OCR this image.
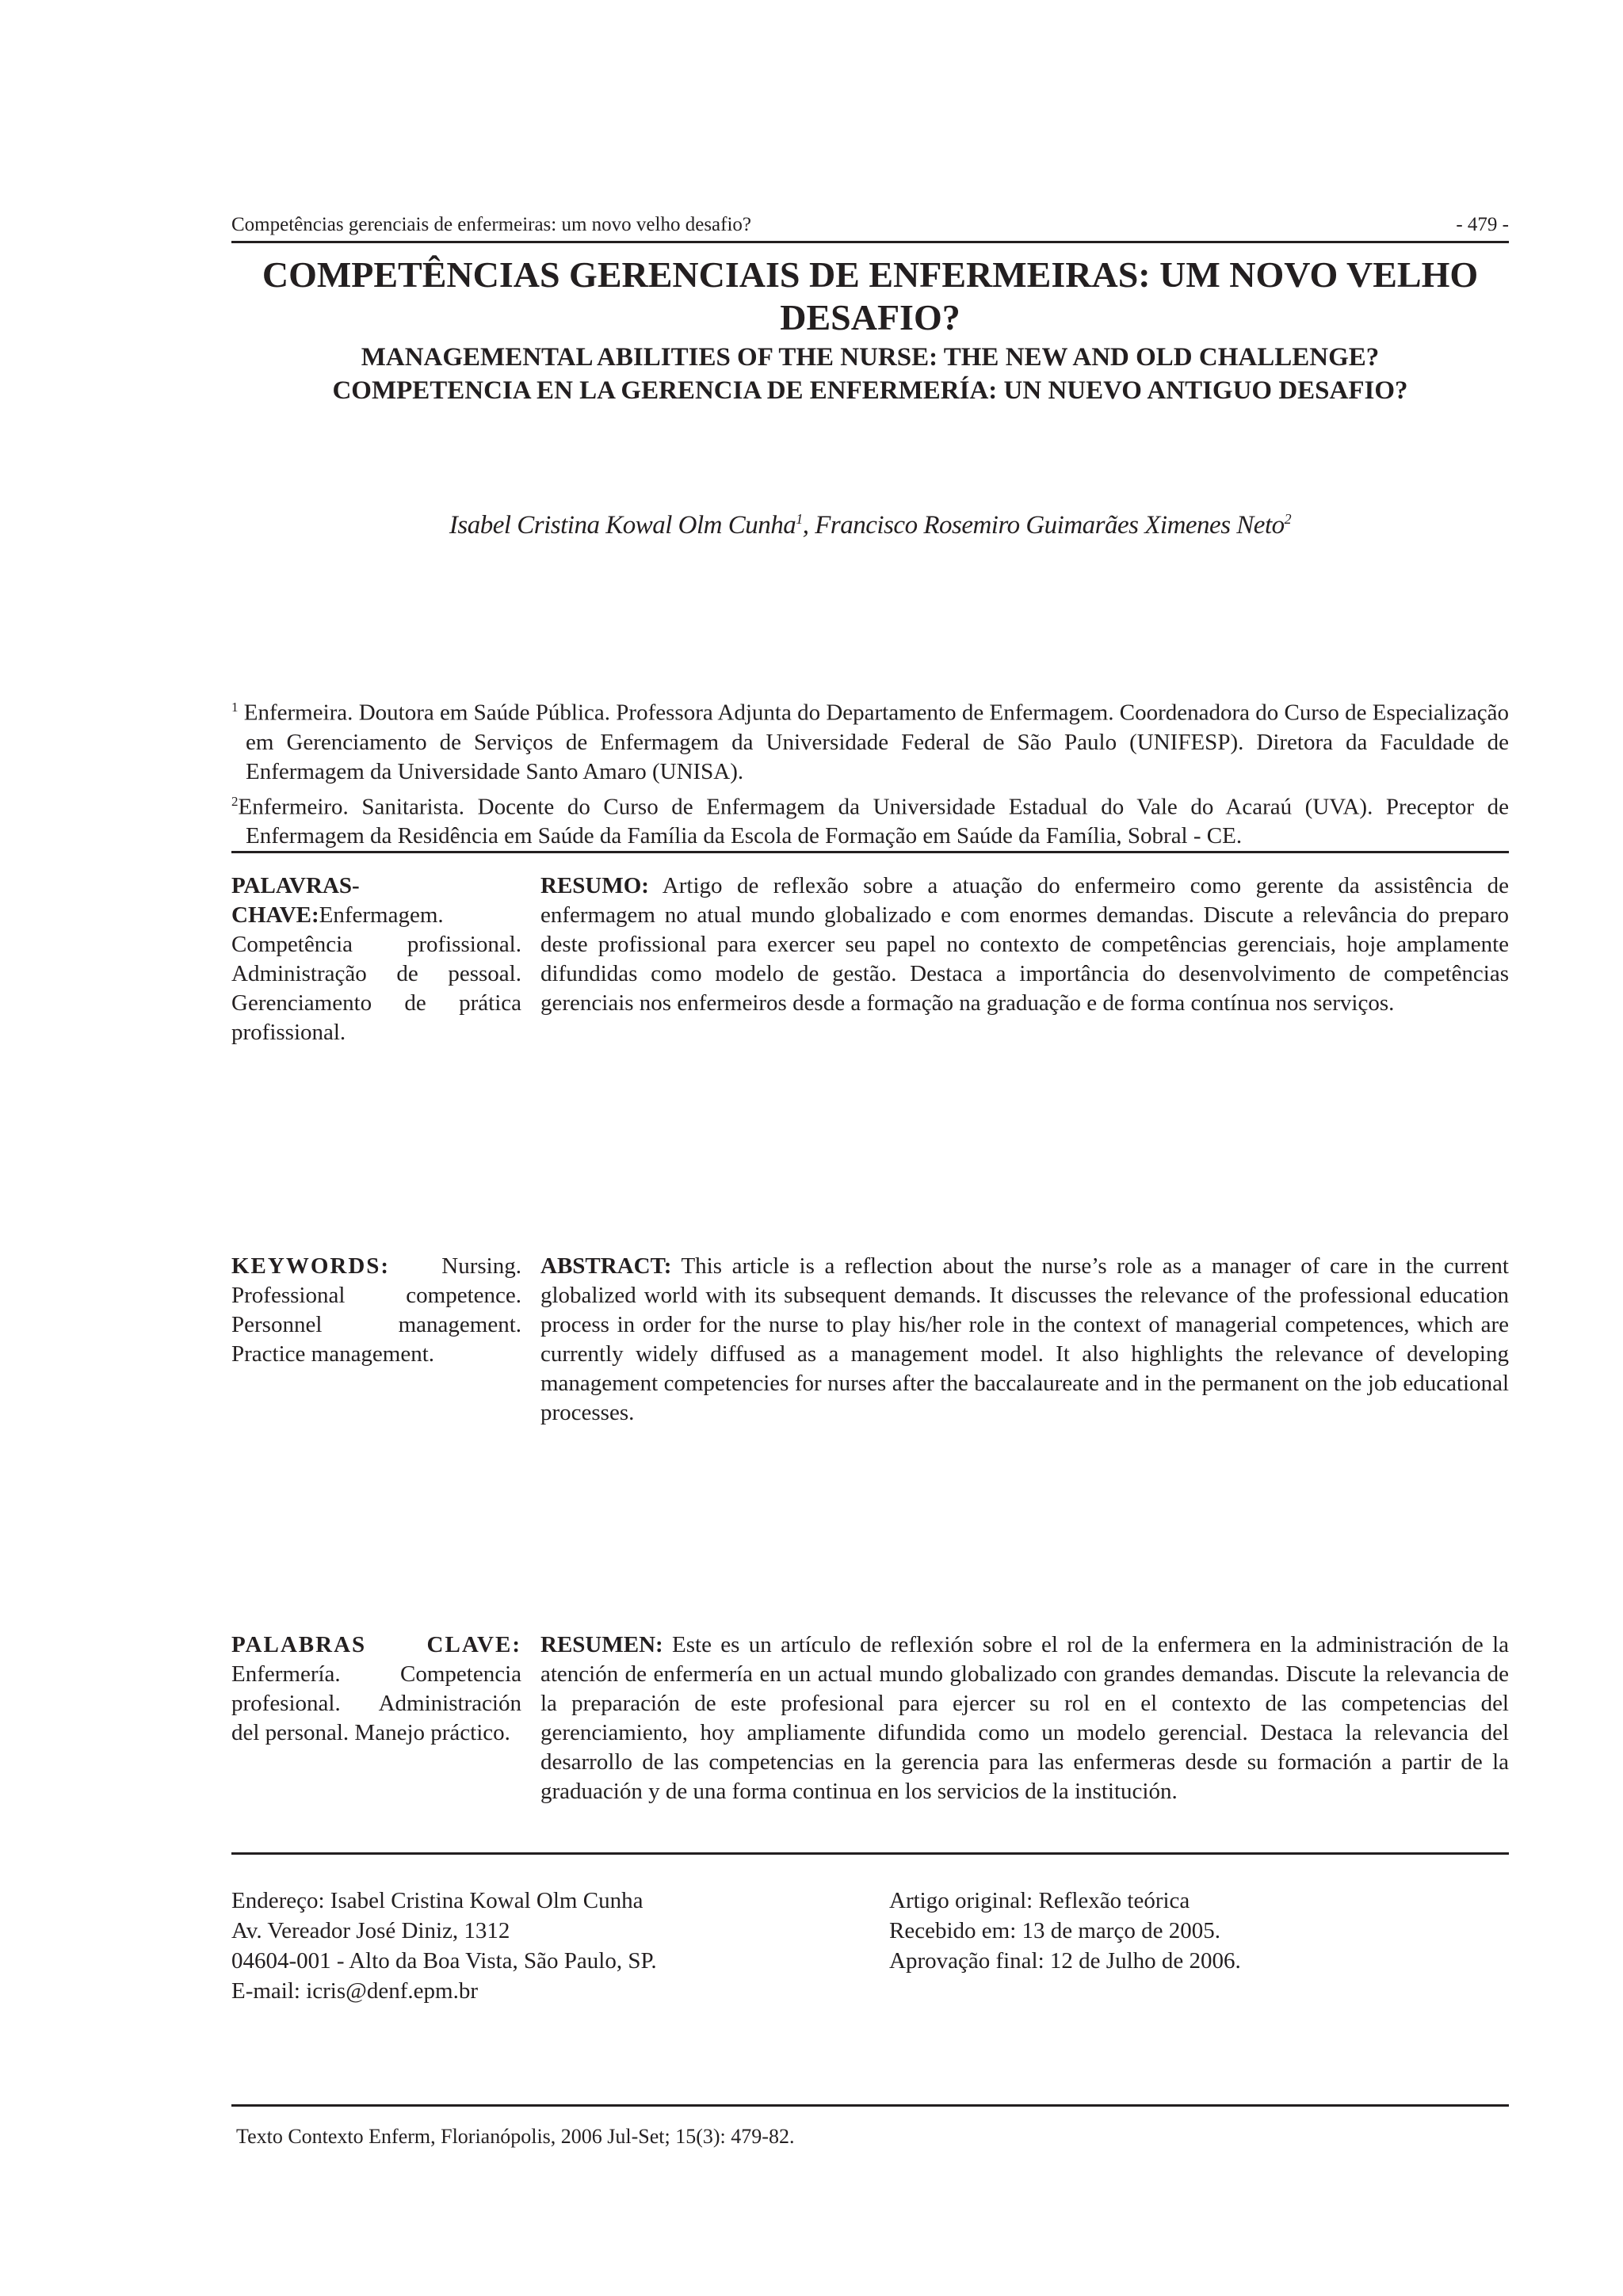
Competências gerenciais de enfermeiras: um novo velho desafio?	- 479 -
COMPETÊNCIAS GERENCIAIS DE ENFERMEIRAS: UM NOVO VELHO DESAFIO?
MANAGEMENTAL ABILITIES OF THE NURSE: THE NEW AND OLD CHALLENGE?
COMPETENCIA EN LA GERENCIA DE ENFERMERÍA: UN NUEVO ANTIGUO DESAFIO?
Isabel Cristina Kowal Olm Cunha$^1$, Francisco Rosemiro Guimarães Ximenes Neto$^2$

$^1$ Enfermeira. Doutora em Saúde Pública. Professora Adjunta do Departamento de Enfermagem. Coordenadora do Curso de Especialização em Gerenciamento de Serviços de Enfermagem da Universidade Federal de São Paulo (UNIFESP). Diretora da Faculdade de Enfermagem da Universidade Santo Amaro (UNISA).

$^2$Enfermeiro. Sanitarista. Docente do Curso de Enfermagem da Universidade Estadual do Vale do Acaraú (UVA). Preceptor de Enfermagem da Residência em Saúde da Família da Escola de Formação em Saúde da Família, Sobral - CE.

PALAVRAS-CHAVE:Enfermagem. Competência profissional. Administração de pessoal. Gerenciamento de prática profissional.
RESUMO: Artigo de reflexão sobre a atuação do enfermeiro como gerente da assistência de enfermagem no atual mundo globalizado e com enormes demandas. Discute a relevância do preparo deste profissional para exercer seu papel no contexto de competências gerenciais, hoje amplamente difundidas como modelo de gestão. Destaca a importância do desenvolvimento de competências gerenciais nos enfermeiros desde a formação na graduação e de forma contínua nos serviços.
KEYWORDS: Nursing. Professional competence. Personnel management. Practice management.
ABSTRACT: This article is a reflection about the nurse’s role as a manager of care in the current globalized world with its subsequent demands. It discusses the relevance of the professional education process in order for the nurse to play his/her role in the context of managerial competences, which are currently widely diffused as a management model. It also highlights the relevance of developing management competencies for nurses after the baccalaureate and in the permanent on the job educational processes.
PALABRAS CLAVE: Enfermería. Competencia profesional. Administración del personal. Manejo práctico.
RESUMEN: Este es un artículo de reflexión sobre el rol de la enfermera en la administración de la atención de enfermería en un actual mundo globalizado con grandes demandas. Discute la relevancia de la preparación de este profesional para ejercer su rol en el contexto de las competencias del gerenciamiento, hoy ampliamente difundida como un modelo gerencial. Destaca la relevancia del desarrollo de las competencias en la gerencia para las enfermeras desde su formación a partir de la graduación y de una forma continua en los servicios de la institución.
Endereço: Isabel Cristina Kowal Olm Cunha
Av. Vereador José Diniz, 1312
04604-001 - Alto da Boa Vista, São Paulo, SP.
E-mail: icris@denf.epm.br
Artigo original: Reflexão teórica
Recebido em: 13 de março de 2005.
Aprovação final: 12 de Julho de 2006.
Texto Contexto Enferm, Florianópolis, 2006 Jul-Set; 15(3): 479-82.
